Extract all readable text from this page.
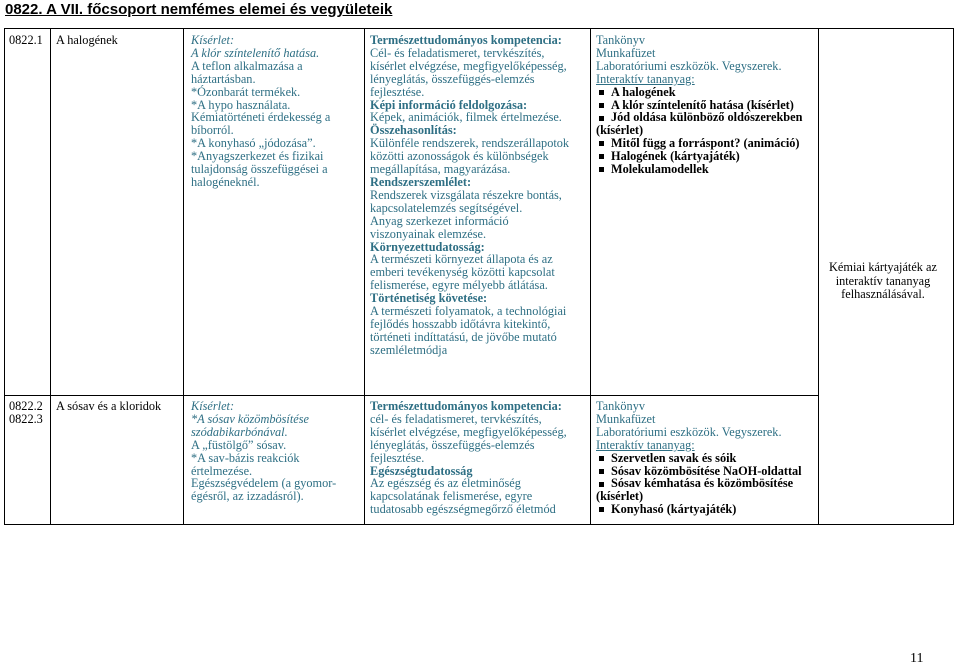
0822. A VII. főcsoport nemfémes elemei és vegyületeik
0822.1 A halogének	Kísérlet:
A klór színtelenítő hatása.
A teflon alkalmazása a
háztartásban.
*Ózonbarát termékek.
*A hypo használata.
Kémiatörténeti érdekesség a
bíborról.
*A konyhasó „jódozása”.
*Anyagszerkezet és fizikai
tulajdonság összefüggései a
halogéneknél.
Természettudományos kompetencia:
Cél- és feladatismeret, tervkészítés,
kísérlet elvégzése, megfigyelőképesség,
lényeglátás, összefüggés-elemzés
fejlesztése.
Képi információ feldolgozása:
Képek, animációk, filmek értelmezése.
Összehasonlítás:
Különféle rendszerek, rendszerállapotok
közötti azonosságok és különbségek
megállapítása, magyarázása.
Rendszerszemlélet:
Rendszerek vizsgálata részekre bontás,
kapcsolatelemzés segítségével.
Anyag szerkezet információ
viszonyainak elemzése.
Környezettudatosság:
A természeti környezet állapota és az
emberi tevékenység közötti kapcsolat
felismerése, egyre mélyebb átlátása.
Történetiség követése:
A természeti folyamatok, a technológiai
fejlődés hosszabb időtávra kitekintő,
történeti indíttatású, de jövőbe mutató
szemléletmódja
Tankönyv
Munkafüzet
Laboratóriumi eszközök. Vegyszerek.
Interaktív tananyag:
A halogének
A klór színtelenítő hatása (kísérlet)
Jód oldása különböző oldószerekben
(kísérlet)
Mitől függ a forráspont? (animáció)
Halogének (kártyajáték)
Molekulamodellek
0822.2
0822.3
A sósav és a kloridok Kísérlet:
*A sósav közömbösítése
szódabikarbónával.
A „füstölgő” sósav.
*A sav-bázis reakciók
értelmezése.
Egészségvédelem (a gyomor-
égésről, az izzadásról).
Természettudományos kompetencia:
cél- és feladatismeret, tervkészítés,
kísérlet elvégzése, megfigyelőképesség,
lényeglátás, összefüggés-elemzés
fejlesztése.
Egészségtudatosság
Az egészség és az életminőség
kapcsolatának felismerése, egyre
tudatosabb egészségmegőrző életmód
Tankönyv
Munkafüzet
Laboratóriumi eszközök. Vegyszerek.
Interaktív tananyag:
Szervetlen savak és sóik
Sósav közömbösítése NaOH-oldattal
Sósav kémhatása és közömbösítése
(kísérlet)
Konyhasó (kártyajáték)
Kémiai kártyajáték az
interaktív tananyag
felhasználásával.
11
